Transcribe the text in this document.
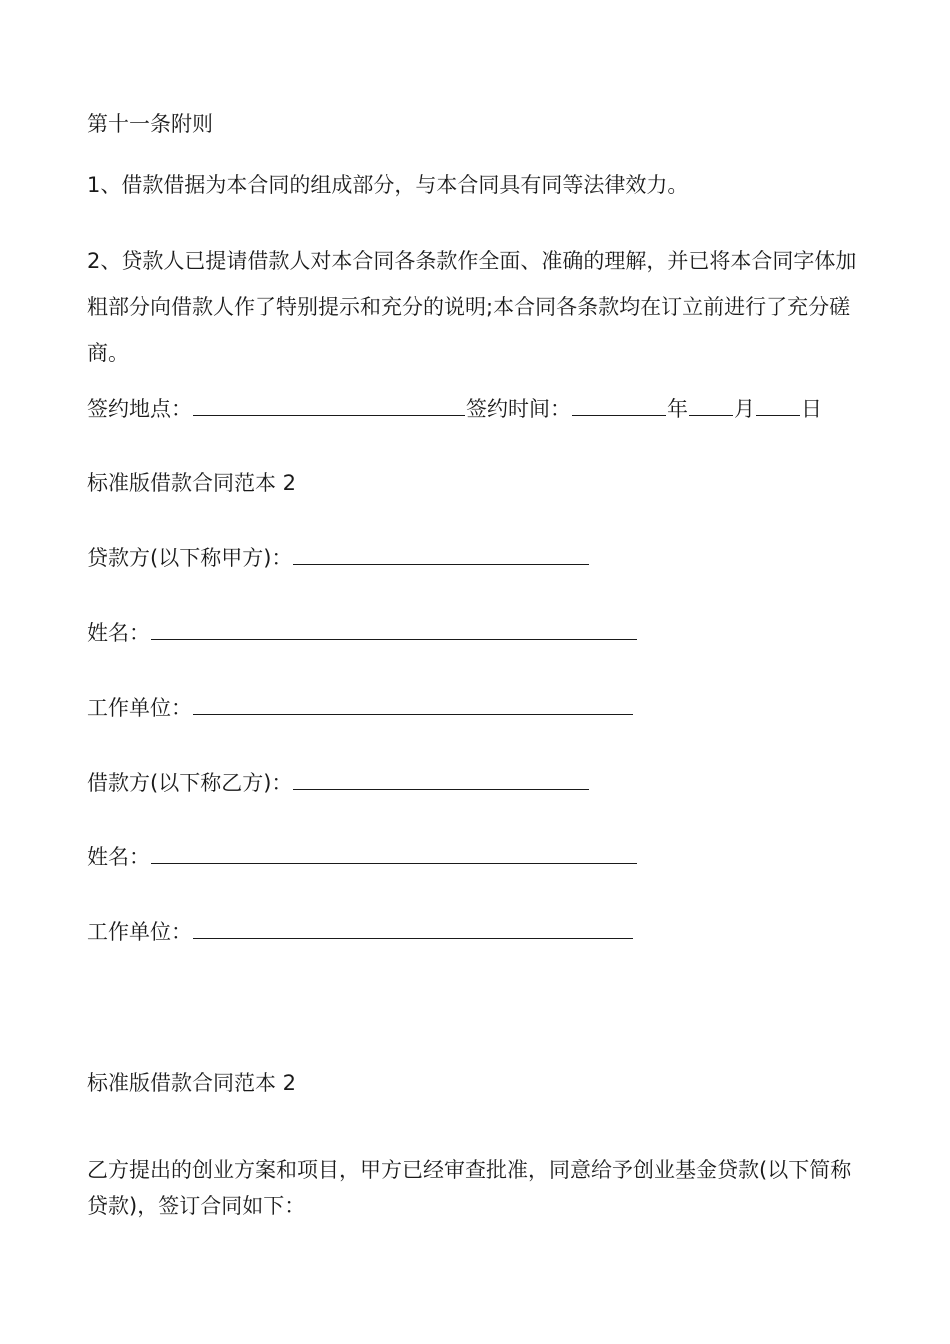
第十一条附则
1、借款借据为本合同的组成部分，与本合同具有同等法律效力。
2、贷款人已提请借款人对本合同各条款作全面、准确的理解，并已将本合同字体加粗部分向借款人作了特别提示和充分的说明;本合同各条款均在订立前进行了充分磋商。
签约地点：	签约时间：	年 月 日
标准版借款合同范本 2
贷款方(以下称甲方)：
姓名：
工作单位：
借款方(以下称乙方)：
姓名：
工作单位：
标准版借款合同范本 2
乙方提出的创业方案和项目，甲方已经审查批准，同意给予创业基金贷款(以下简称贷款)，签订合同如下：
